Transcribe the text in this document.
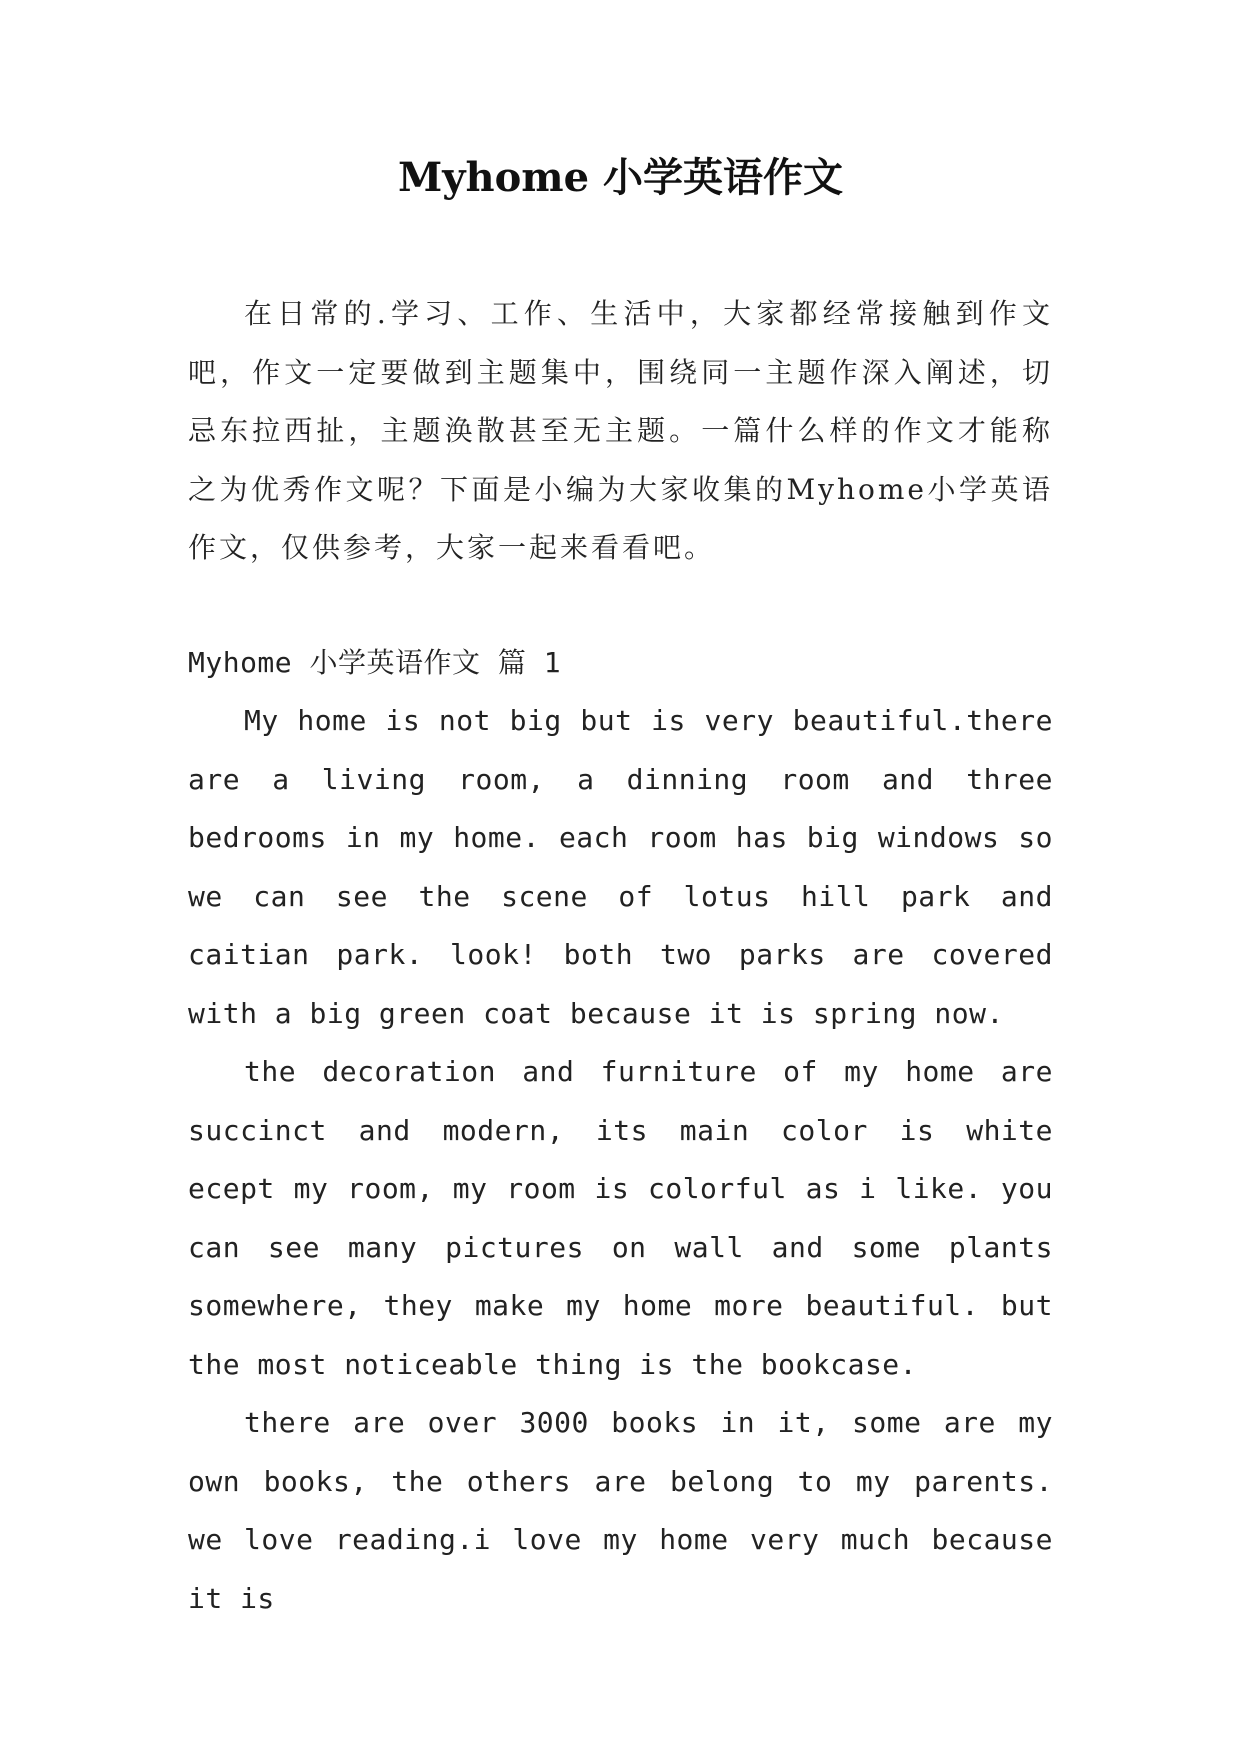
Myhome 小学英语作文

在日常的.学习、工作、生活中，大家都经常接触到作文吧，作文一定要做到主题集中，围绕同一主题作深入阐述，切忌东拉西扯，主题涣散甚至无主题。一篇什么样的作文才能称之为优秀作文呢？下面是小编为大家收集的Myhome小学英语作文，仅供参考，大家一起来看看吧。

Myhome 小学英语作文 篇 1

My home is not big but is very beautiful.there are a living room, a dinning room and three bedrooms in my home. each room has big windows so we can see the scene of lotus hill park and caitian park. look! both two parks are covered with a big green coat because it is spring now.

the decoration and furniture of my home are succinct and modern, its main color is white ecept my room, my room is colorful as i like. you can see many pictures on wall and some plants somewhere, they make my home more beautiful. but the most noticeable thing is the bookcase.

there are over 3000 books in it, some are my own books, the others are belong to my parents. we love reading.i love my home very much because it is
